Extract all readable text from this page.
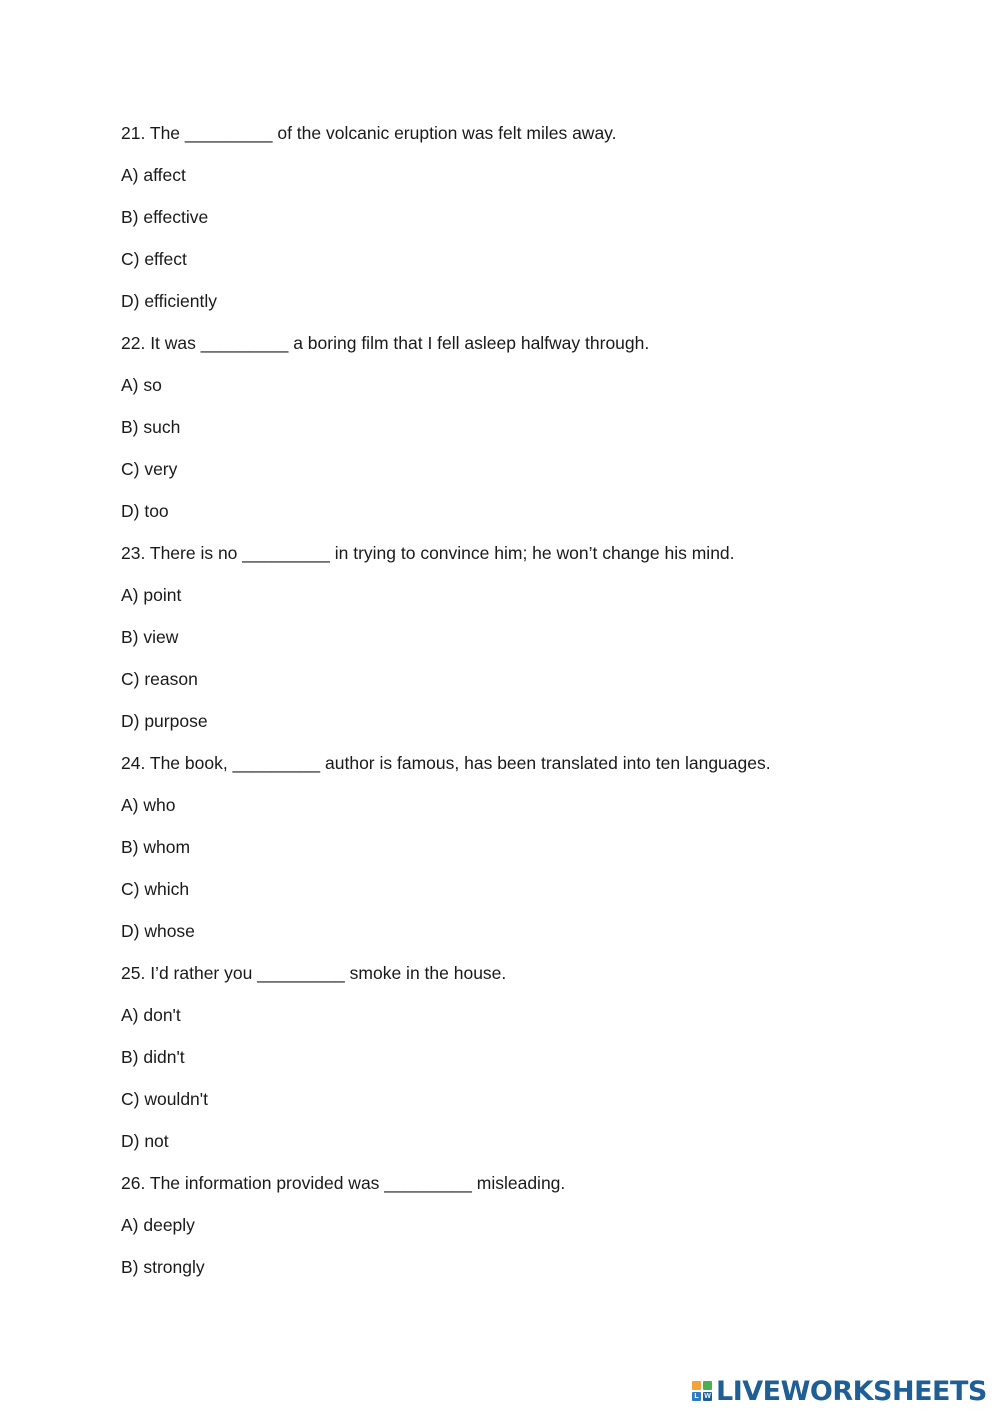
21. The _________ of the volcanic eruption was felt miles away.
A) affect
B) effective
C) effect
D) efficiently
22. It was _________ a boring film that I fell asleep halfway through.
A) so
B) such
C) very
D) too
23. There is no _________ in trying to convince him; he won’t change his mind.
A) point
B) view
C) reason
D) purpose
24. The book, _________ author is famous, has been translated into ten languages.
A) who
B) whom
C) which
D) whose
25. I’d rather you _________ smoke in the house.
A) don't
B) didn't
C) wouldn't
D) not
26. The information provided was _________ misleading.
A) deeply
B) strongly
L W LIVEWORKSHEETS
